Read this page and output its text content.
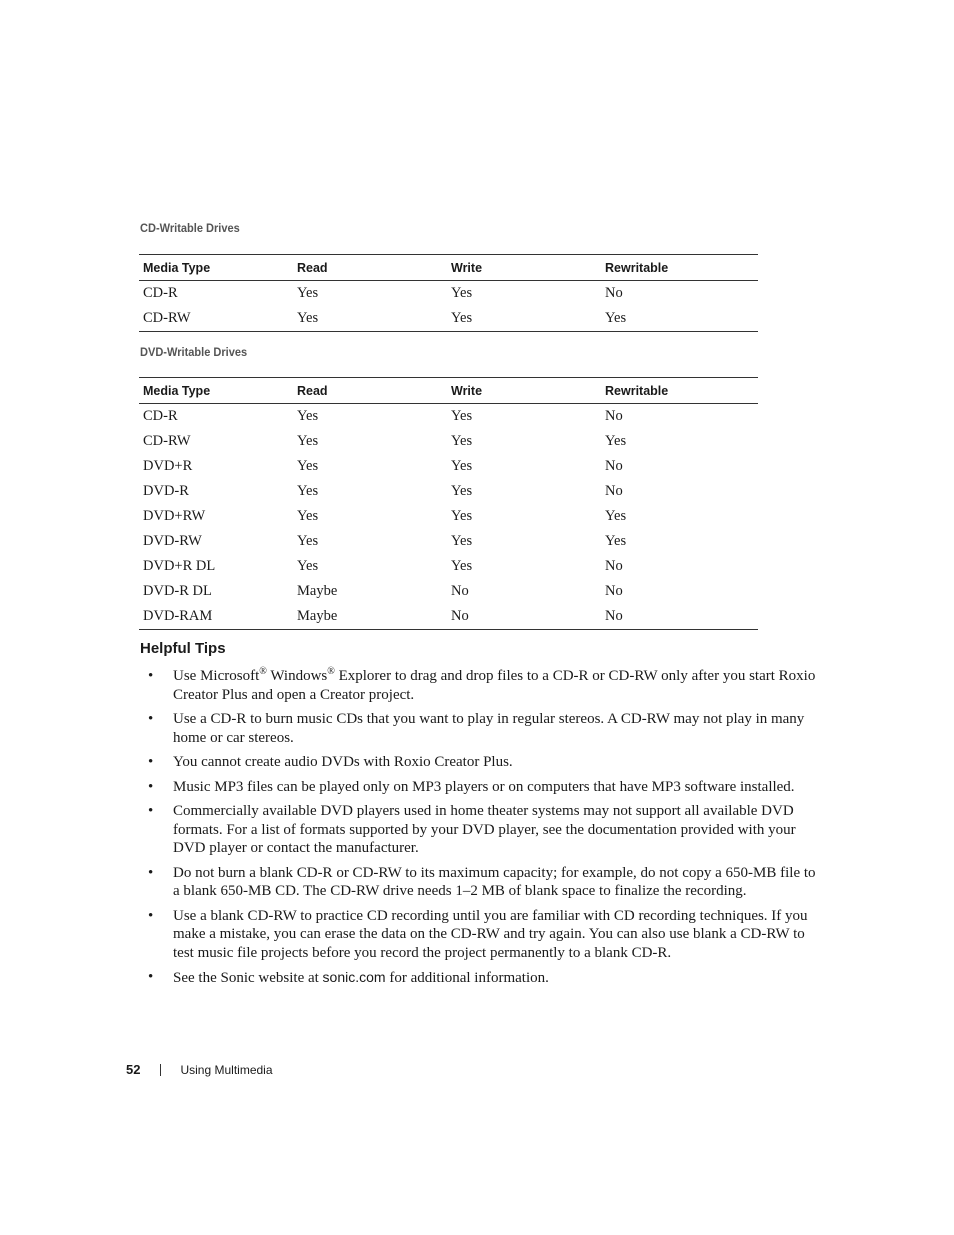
CD-Writable Drives
Media Type	Read	Write	Rewritable
CD-R	Yes	Yes	No
CD-RW	Yes	Yes	Yes
DVD-Writable Drives
Media Type	Read	Write	Rewritable
CD-R	Yes	Yes	No
CD-RW	Yes	Yes	Yes
DVD+R	Yes	Yes	No
DVD-R	Yes	Yes	No
DVD+RW	Yes	Yes	Yes
DVD-RW	Yes	Yes	Yes
DVD+R DL	Yes	Yes	No
DVD-R DL	Maybe	No	No
DVD-RAM	Maybe	No	No
Helpful Tips
• Use Microsoft® Windows® Explorer to drag and drop files to a CD-R or CD-RW only after you start Roxio Creator Plus and open a Creator project.
• Use a CD-R to burn music CDs that you want to play in regular stereos. A CD-RW may not play in many home or car stereos.
• You cannot create audio DVDs with Roxio Creator Plus.
• Music MP3 files can be played only on MP3 players or on computers that have MP3 software installed.
• Commercially available DVD players used in home theater systems may not support all available DVD formats. For a list of formats supported by your DVD player, see the documentation provided with your DVD player or contact the manufacturer.
• Do not burn a blank CD-R or CD-RW to its maximum capacity; for example, do not copy a 650-MB file to a blank 650-MB CD. The CD-RW drive needs 1–2 MB of blank space to finalize the recording.
• Use a blank CD-RW to practice CD recording until you are familiar with CD recording techniques. If you make a mistake, you can erase the data on the CD-RW and try again. You can also use blank a CD-RW to test music file projects before you record the project permanently to a blank CD-R.
• See the Sonic website at sonic.com for additional information.
52	Using Multimedia
